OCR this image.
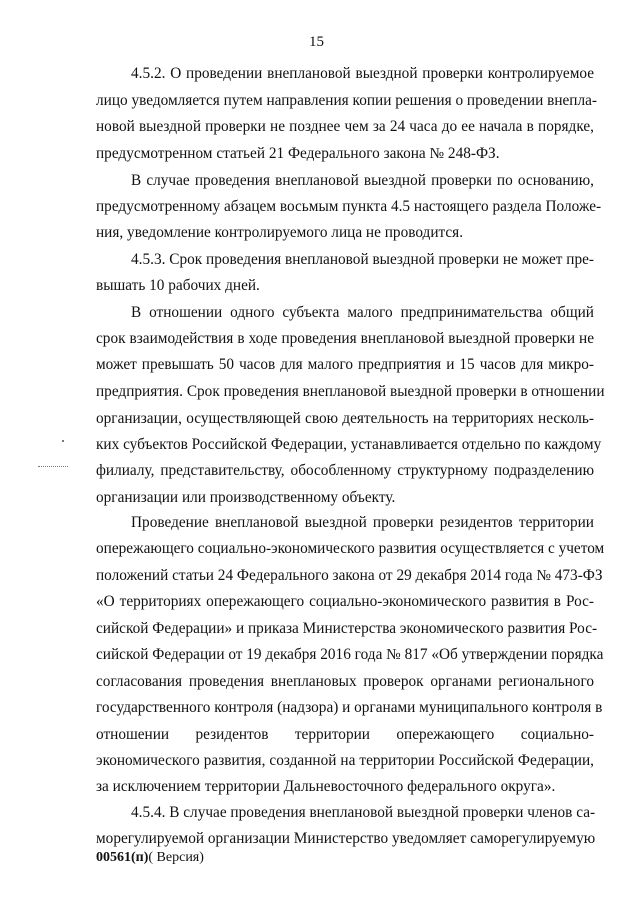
15
4.5.2. О проведении внеплановой выездной проверки контролируемое
лицо уведомляется путем направления копии решения о проведении внепла-
новой выездной проверки не позднее чем за 24 часа до ее начала в порядке,
предусмотренном статьей 21 Федерального закона № 248-ФЗ.
В случае проведения внеплановой выездной проверки по основанию,
предусмотренному абзацем восьмым пункта 4.5 настоящего раздела Положе-
ния, уведомление контролируемого лица не проводится.
4.5.3. Срок проведения внеплановой выездной проверки не может пре-
вышать 10 рабочих дней.
В отношении одного субъекта малого предпринимательства общий
срок взаимодействия в ходе проведения внеплановой выездной проверки не
может превышать 50 часов для малого предприятия и 15 часов для микро-
предприятия. Срок проведения внеплановой выездной проверки в отношении
организации, осуществляющей свою деятельность на территориях несколь-
ких субъектов Российской Федерации, устанавливается отдельно по каждому
филиалу, представительству, обособленному структурному подразделению
организации или производственному объекту.
Проведение внеплановой выездной проверки резидентов территории
опережающего социально-экономического развития осуществляется с учетом
положений статьи 24 Федерального закона от 29 декабря 2014 года № 473-ФЗ
«О территориях опережающего социально-экономического развития в Рос-
сийской Федерации» и приказа Министерства экономического развития Рос-
сийской Федерации от 19 декабря 2016 года № 817 «Об утверждении порядка
согласования проведения внеплановых проверок органами регионального
государственного контроля (надзора) и органами муниципального контроля в
отношении резидентов территории опережающего социально-
экономического развития, созданной на территории Российской Федерации,
за исключением территории Дальневосточного федерального округа».
4.5.4. В случае проведения внеплановой выездной проверки членов са-
морегулируемой организации Министерство уведомляет саморегулируемую
00561(п)( Версия)
